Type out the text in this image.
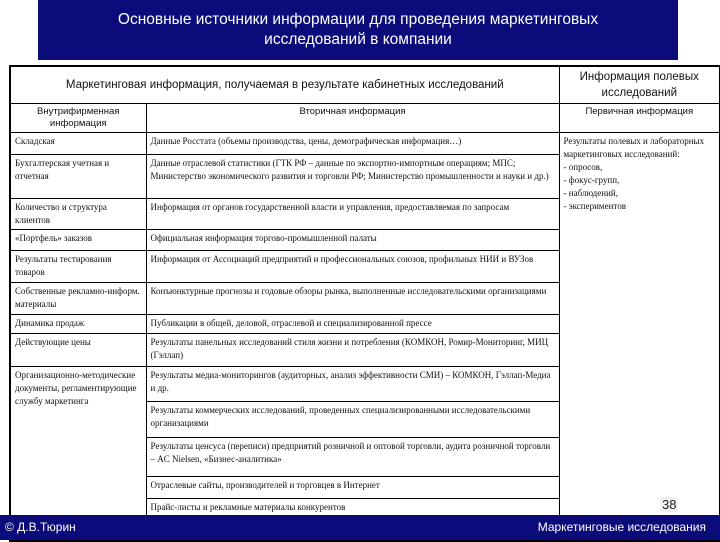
Основные источники информации для проведения маркетинговых
исследований в компании
Маркетинговая информация, получаемая в результате кабинетных исследований		Информация полевых исследований
Внутрифирменная информация	Вторичная информация	Первичная информация
Складская	Данные Росстата (объемы производства, цены, демографическая информация…)	Результаты полевых и лабораторных маркетинговых исследований:
- опросов,
- фокус-групп,
- наблюдений,
- экспериментов

Бухгалтерская учетная и отчетная	Данные отраслевой статистики (ГТК РФ – данные по экспортно-импортным операциям; МПС; Министерство экономического развития и торговли РФ; Министерство промышленности и науки и др.)	
Количество и структура клиентов	Информация от органов государственной власти и управления, предоставляемая по запросам	
«Портфель» заказов	Официальная информация торгово-промышленной палаты	
Результаты тестирования товаров	Информация от Ассоциаций предприятий и профессиональных союзов, профильных НИИ и ВУЗов	
Собственные рекламно-информ. материалы	Конъюнктурные прогнозы и годовые обзоры рынка, выполненные исследовательскими организациями	
Динамика продаж	Публикации в общей, деловой, отраслевой и специализированной прессе	
Действующие цены	Результаты панельных исследований стиля жизни и потребления (КОМКОН, Ромир-Мониторинг, МИЦ (Гэллап)	
Организационно-методические документы, регламентирующие службу маркетинга	Результаты медиа-мониторингов (аудиторных, анализ эффективности СМИ) – КОМКОН, Гэллап-Медиа и др.	
	Результаты коммерческих исследований, проведенных специализированными исследовательскими организациями	
	Результаты ценсуса (переписи) предприятий розничной и оптовой торговли, аудита розничной торговли – AC Nielsen, «Бизнес-аналитика»	
	Отраслевые сайты, производителей и торговцев в Интернет	
	Прайс-листы и рекламные материалы конкурентов		38
© Д.В.Тюрин	Маркетинговые исследования
